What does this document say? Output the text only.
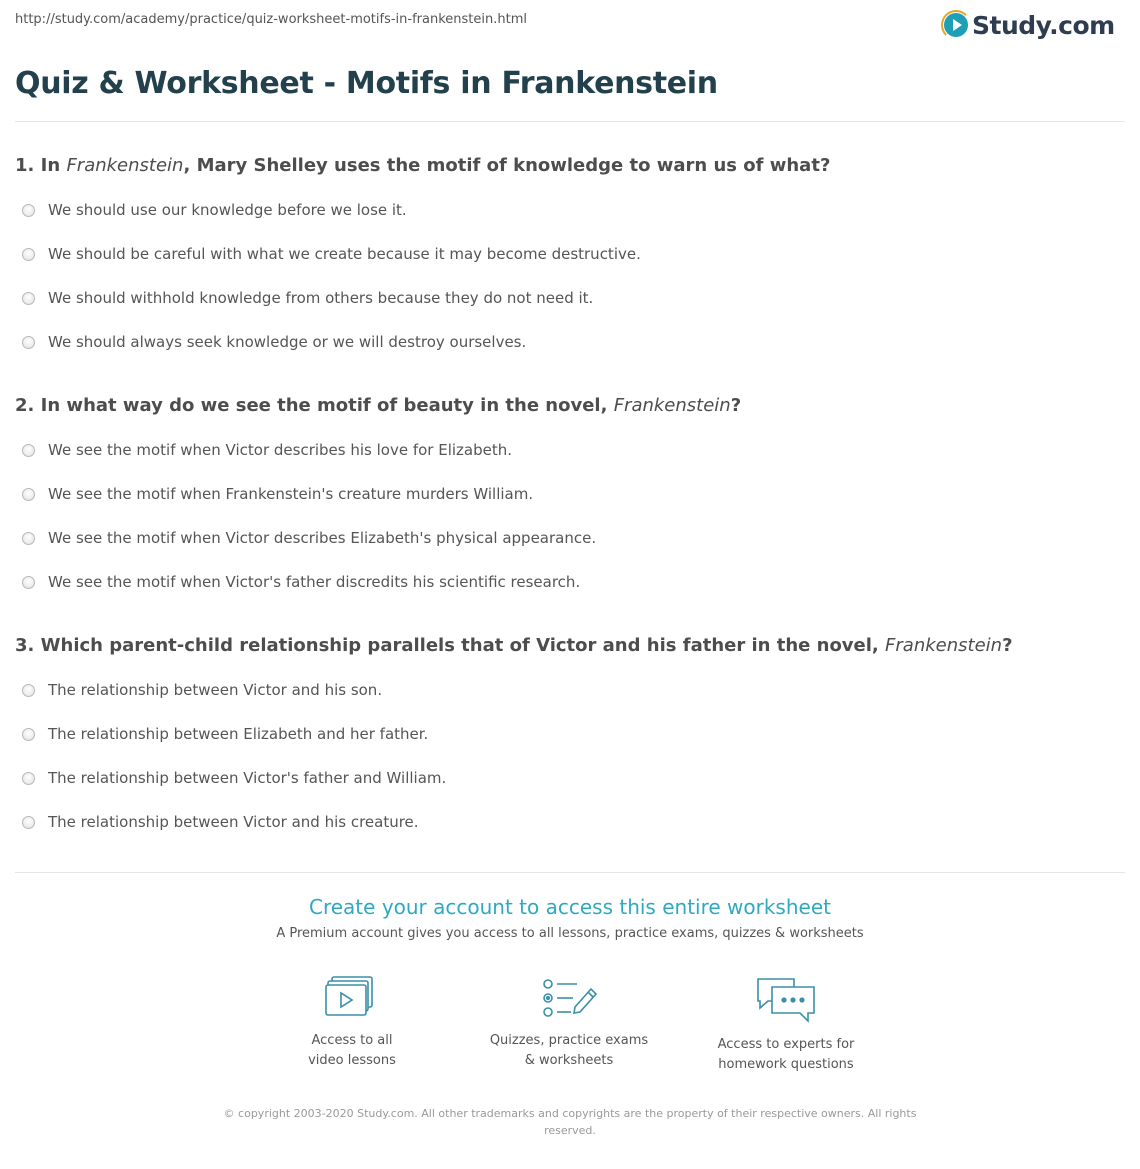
http://study.com/academy/practice/quiz-worksheet-motifs-in-frankenstein.html	Study.com
Quiz & Worksheet - Motifs in Frankenstein
1. In Frankenstein, Mary Shelley uses the motif of knowledge to warn us of what?
We should use our knowledge before we lose it.
We should be careful with what we create because it may become destructive.
We should withhold knowledge from others because they do not need it.
We should always seek knowledge or we will destroy ourselves.
2. In what way do we see the motif of beauty in the novel, Frankenstein?
We see the motif when Victor describes his love for Elizabeth.
We see the motif when Frankenstein's creature murders William.
We see the motif when Victor describes Elizabeth's physical appearance.
We see the motif when Victor's father discredits his scientific research.
3. Which parent-child relationship parallels that of Victor and his father in the novel, Frankenstein?
The relationship between Victor and his son.
The relationship between Elizabeth and her father.
The relationship between Victor's father and William.
The relationship between Victor and his creature.
Create your account to access this entire worksheet
A Premium account gives you access to all lessons, practice exams, quizzes & worksheets
Access to all
video lessons
Quizzes, practice exams
& worksheets
Access to experts for
homework questions
© copyright 2003-2020 Study.com. All other trademarks and copyrights are the property of their respective owners. All rights
reserved.
